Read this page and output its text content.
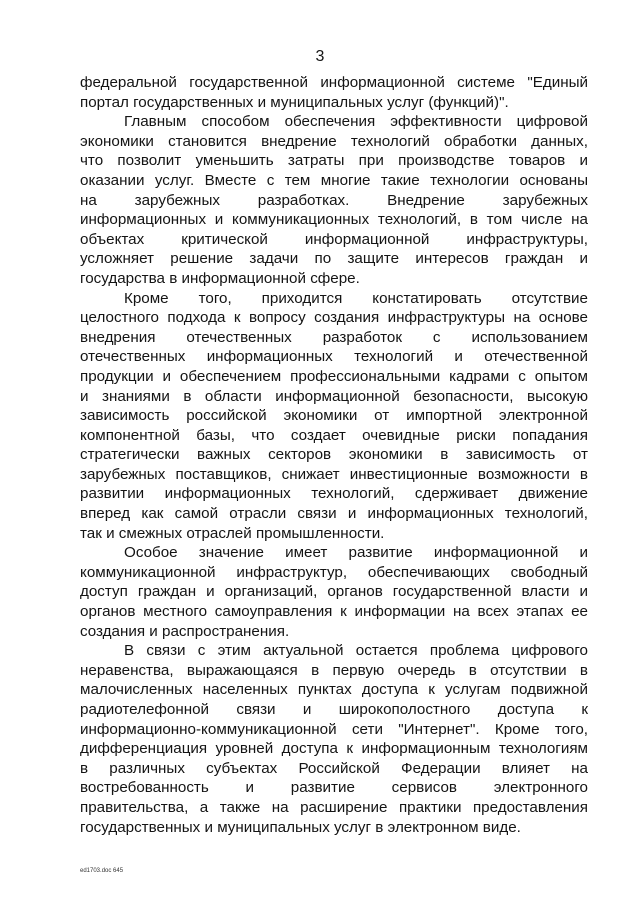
3

федеральной государственной информационной системе "Единый

портал государственных и муниципальных услуг (функций)".

Главным способом обеспечения эффективности цифровой

экономики становится внедрение технологий обработки данных,

что позволит уменьшить затраты при производстве товаров и

оказании услуг. Вместе с тем многие такие технологии основаны

на зарубежных разработках. Внедрение зарубежных

информационных и коммуникационных технологий, в том числе на

объектах критической информационной инфраструктуры,

усложняет решение задачи по защите интересов граждан и

государства в информационной сфере.

Кроме того, приходится констатировать отсутствие

целостного подхода к вопросу создания инфраструктуры на основе

внедрения отечественных разработок с использованием

отечественных информационных технологий и отечественной

продукции и обеспечением профессиональными кадрами с опытом

и знаниями в области информационной безопасности, высокую

зависимость российской экономики от импортной электронной

компонентной базы, что создает очевидные риски попадания

стратегически важных секторов экономики в зависимость от

зарубежных поставщиков, снижает инвестиционные возможности в

развитии информационных технологий, сдерживает движение

вперед как самой отрасли связи и информационных технологий,

так и смежных отраслей промышленности.

Особое значение имеет развитие информационной и

коммуникационной инфраструктур, обеспечивающих свободный

доступ граждан и организаций, органов государственной власти и

органов местного самоуправления к информации на всех этапах ее

создания и распространения.

В связи с этим актуальной остается проблема цифрового

неравенства, выражающаяся в первую очередь в отсутствии в

малочисленных населенных пунктах доступа к услугам подвижной

радиотелефонной связи и широкополостного доступа к

информационно-коммуникационной сети "Интернет". Кроме того,

дифференциация уровней доступа к информационным технологиям

в различных субъектах Российской Федерации влияет на

востребованность и развитие сервисов электронного

правительства, а также на расширение практики предоставления

государственных и муниципальных услуг в электронном виде.

ed1703.doc 645
